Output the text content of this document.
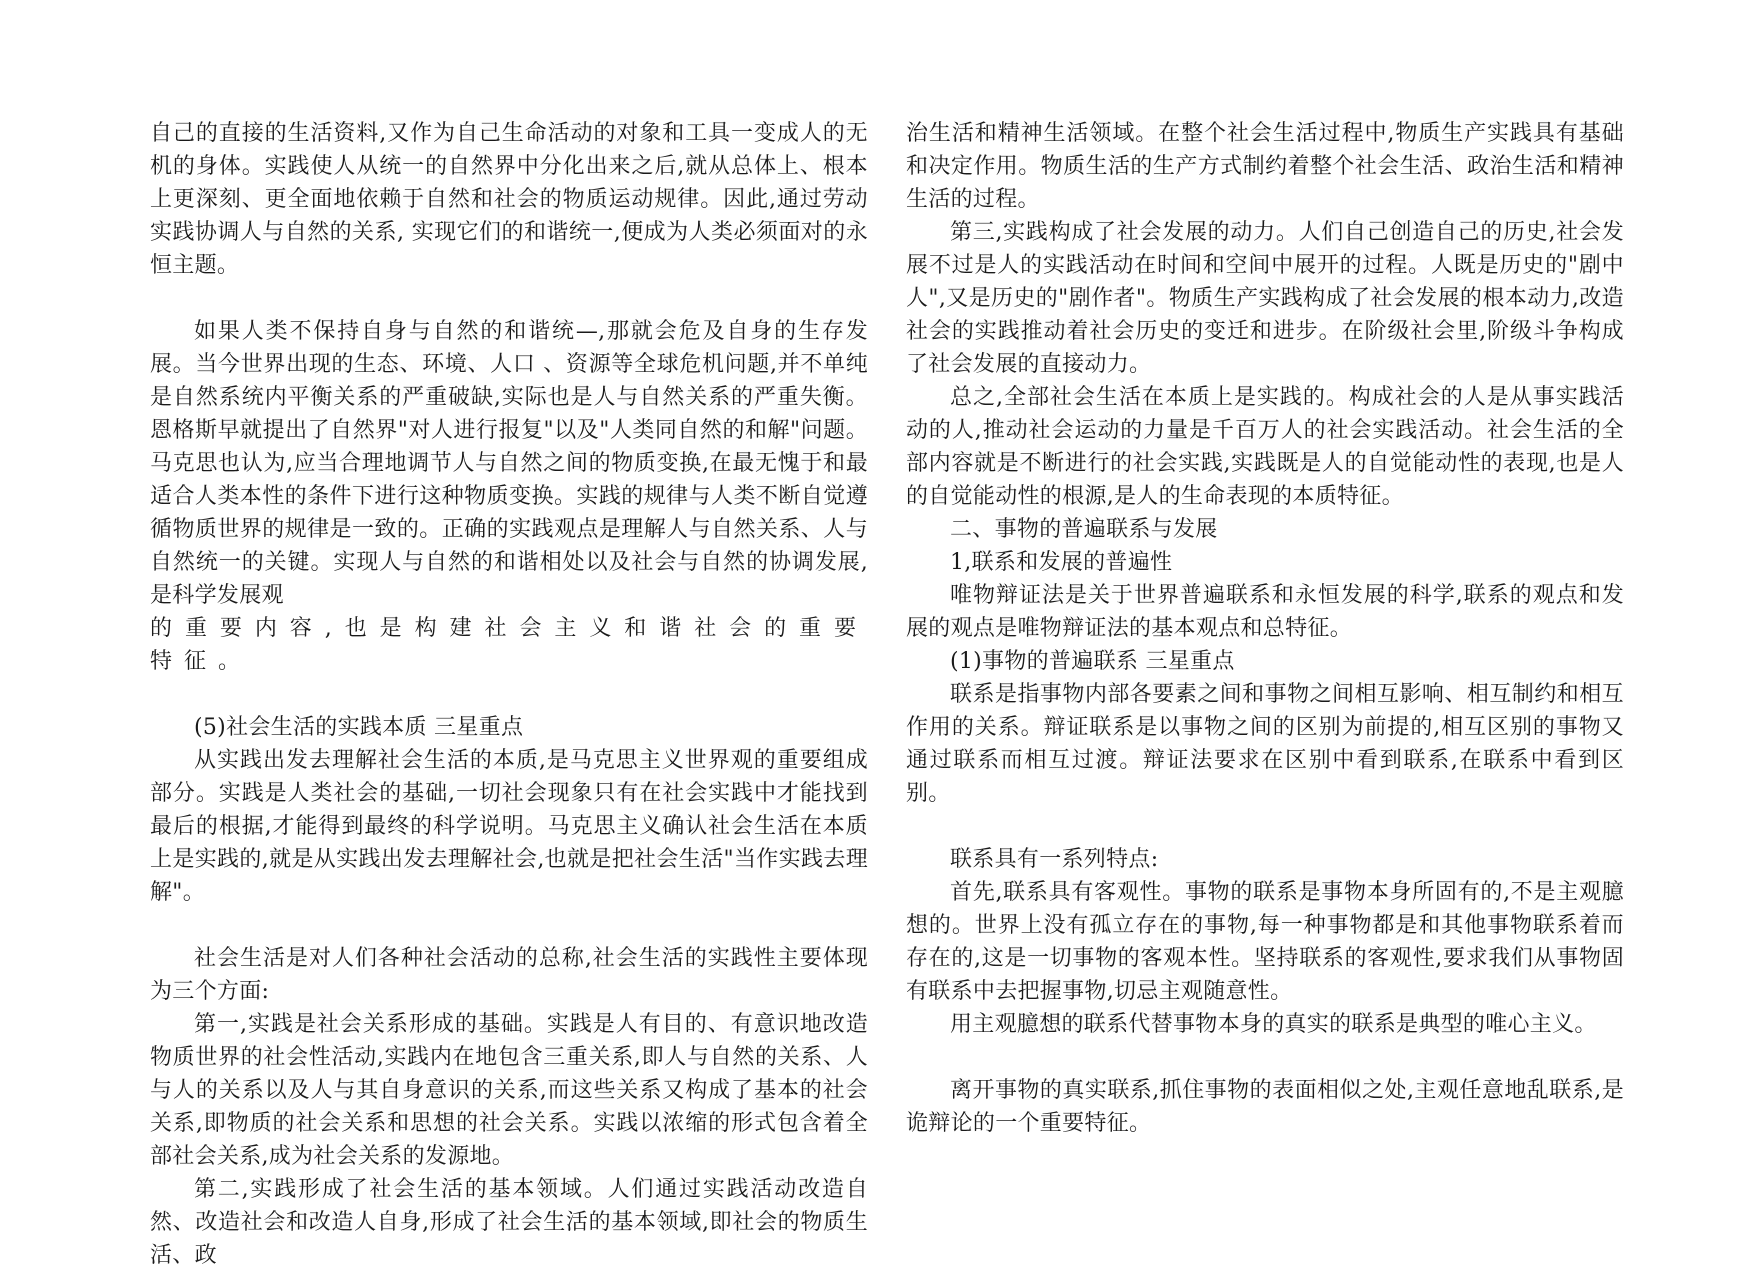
自己的直接的生活资料,又作为自己生命活动的对象和工具一变成人的无机的身体。实践使人从统一的自然界中分化出来之后,就从总体上、根本上更深刻、更全面地依赖于自然和社会的物质运动规律。因此,通过劳动实践协调人与自然的关系, 实现它们的和谐统一,便成为人类必须面对的永恒主题。

如果人类不保持自身与自然的和谐统—,那就会危及自身的生存发展。当今世界出现的生态、环境、人口 、资源等全球危机问题,并不单纯是自然系统内平衡关系的严重破缺,实际也是人与自然关系的严重失衡。恩格斯早就提出了自然界"对人进行报复"以及"人类同自然的和解"问题。马克思也认为,应当合理地调节人与自然之间的物质变换,在最无愧于和最适合人类本性的条件下进行这种物质变换。实践的规律与人类不断自觉遵循物质世界的规律是一致的。正确的实践观点是理解人与自然关系、人与自然统一的关键。实现人与自然的和谐相处以及社会与自然的协调发展,是科学发展观

的重要内容,也是构建社会主义和谐社会的重要特征。

(5)社会生活的实践本质 三星重点

从实践出发去理解社会生活的本质,是马克思主义世界观的重要组成部分。实践是人类社会的基础,一切社会现象只有在社会实践中才能找到最后的根据,才能得到最终的科学说明。马克思主义确认社会生活在本质上是实践的,就是从实践出发去理解社会,也就是把社会生活"当作实践去理解"。

社会生活是对人们各种社会活动的总称,社会生活的实践性主要体现为三个方面:

第一,实践是社会关系形成的基础。实践是人有目的、有意识地改造物质世界的社会性活动,实践内在地包含三重关系,即人与自然的关系、人与人的关系以及人与其自身意识的关系,而这些关系又构成了基本的社会关系,即物质的社会关系和思想的社会关系。实践以浓缩的形式包含着全部社会关系,成为社会关系的发源地。

第二,实践形成了社会生活的基本领域。人们通过实践活动改造自然、改造社会和改造人自身,形成了社会生活的基本领域,即社会的物质生活、政

治生活和精神生活领域。在整个社会生活过程中,物质生产实践具有基础和决定作用。物质生活的生产方式制约着整个社会生活、政治生活和精神生活的过程。

第三,实践构成了社会发展的动力。人们自己创造自己的历史,社会发展不过是人的实践活动在时间和空间中展开的过程。人既是历史的"剧中人",又是历史的"剧作者"。物质生产实践构成了社会发展的根本动力,改造社会的实践推动着社会历史的变迁和进步。在阶级社会里,阶级斗争构成了社会发展的直接动力。

总之,全部社会生活在本质上是实践的。构成社会的人是从事实践活动的人,推动社会运动的力量是千百万人的社会实践活动。社会生活的全部内容就是不断进行的社会实践,实践既是人的自觉能动性的表现,也是人的自觉能动性的根源,是人的生命表现的本质特征。

二、事物的普遍联系与发展

1,联系和发展的普遍性

唯物辩证法是关于世界普遍联系和永恒发展的科学,联系的观点和发展的观点是唯物辩证法的基本观点和总特征。

(1)事物的普遍联系 三星重点

联系是指事物内部各要素之间和事物之间相互影响、相互制约和相互作用的关系。辩证联系是以事物之间的区别为前提的,相互区别的事物又通过联系而相互过渡。辩证法要求在区别中看到联系,在联系中看到区别。

联系具有一系列特点:

首先,联系具有客观性。事物的联系是事物本身所固有的,不是主观臆想的。世界上没有孤立存在的事物,每一种事物都是和其他事物联系着而存在的,这是一切事物的客观本性。坚持联系的客观性,要求我们从事物固有联系中去把握事物,切忌主观随意性。

用主观臆想的联系代替事物本身的真实的联系是典型的唯心主义。

离开事物的真实联系,抓住事物的表面相似之处,主观任意地乱联系,是诡辩论的一个重要特征。
